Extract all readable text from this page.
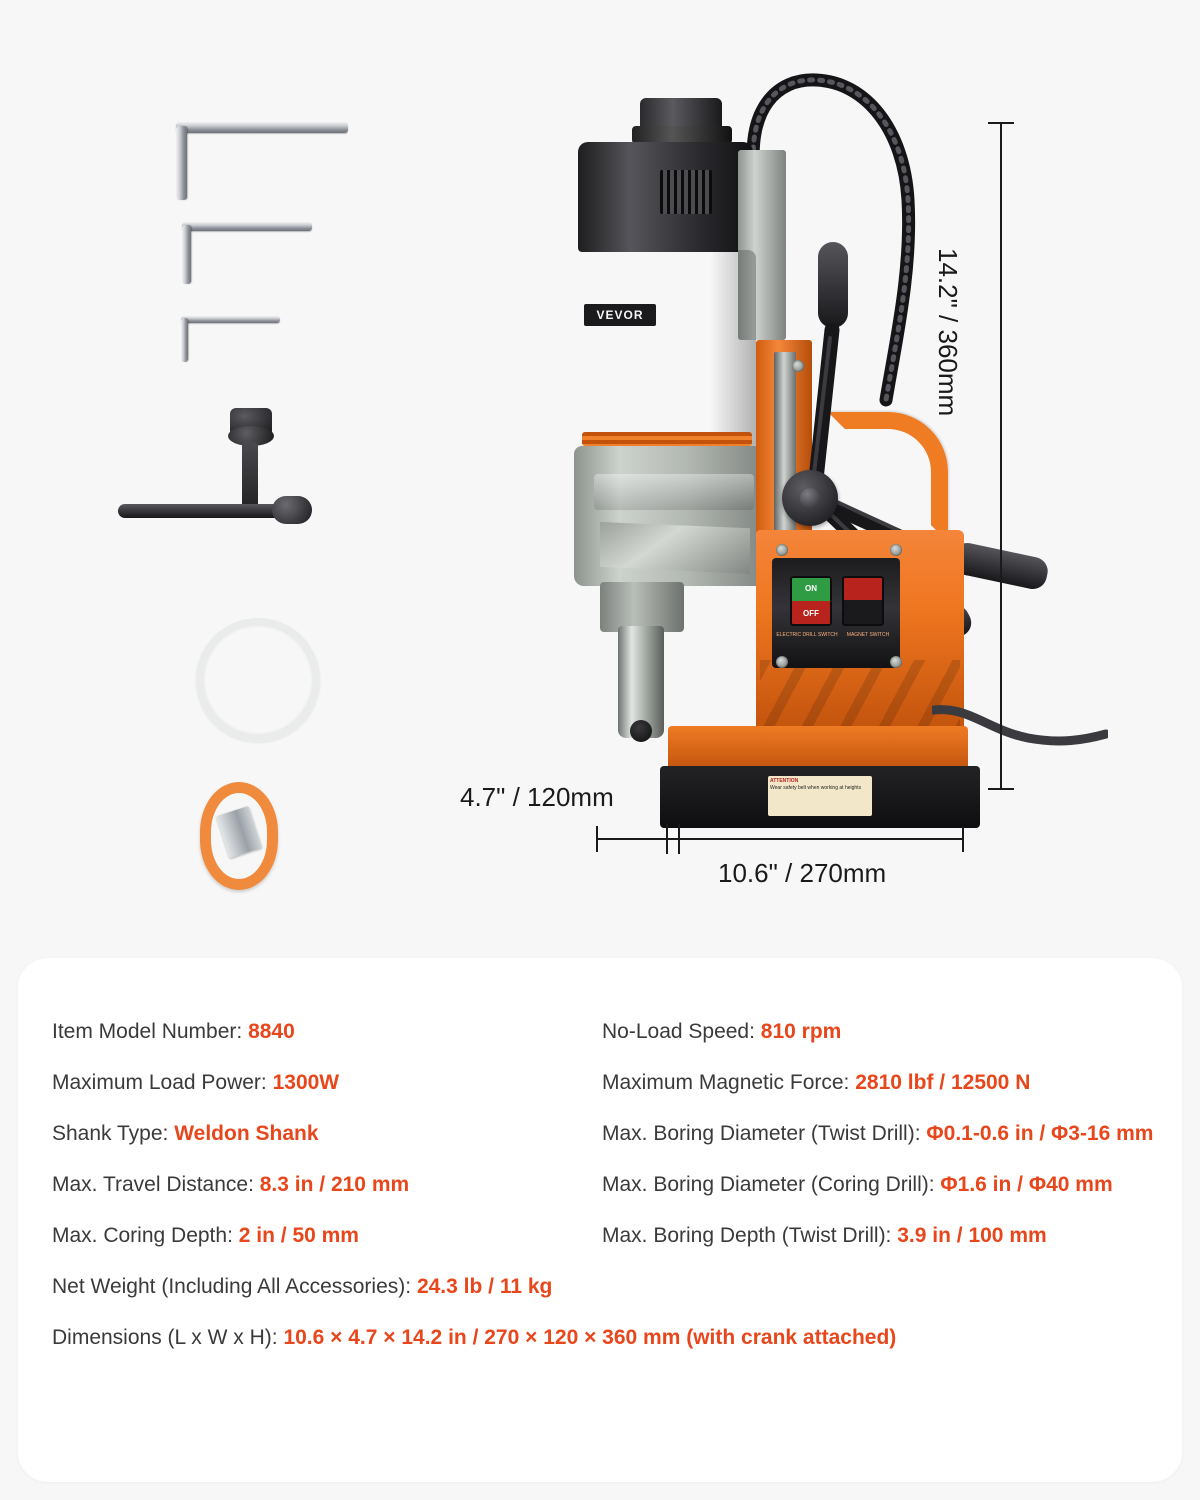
VEVOR
ON
OFF
ELECTRIC DRILL SWITCH	MAGNET SWITCH
ATTENTION
Wear safety belt when working at heights
14.2" / 360mm
10.6" / 270mm
4.7" / 120mm
Item Model Number: 8840	No-Load Speed: 810 rpm
Maximum Load Power: 1300W	Maximum Magnetic Force: 2810 lbf / 12500 N
Shank Type: Weldon Shank	Max. Boring Diameter (Twist Drill): Φ0.1-0.6 in / Φ3-16 mm
Max. Travel Distance: 8.3 in / 210 mm	Max. Boring Diameter (Coring Drill): Φ1.6 in / Φ40 mm
Max. Coring Depth: 2 in / 50 mm	Max. Boring Depth (Twist Drill): 3.9 in / 100 mm
Net Weight (Including All Accessories): 24.3 lb / 11 kg
Dimensions (L x W x H): 10.6 × 4.7 × 14.2 in / 270 × 120 × 360 mm (with crank attached)
